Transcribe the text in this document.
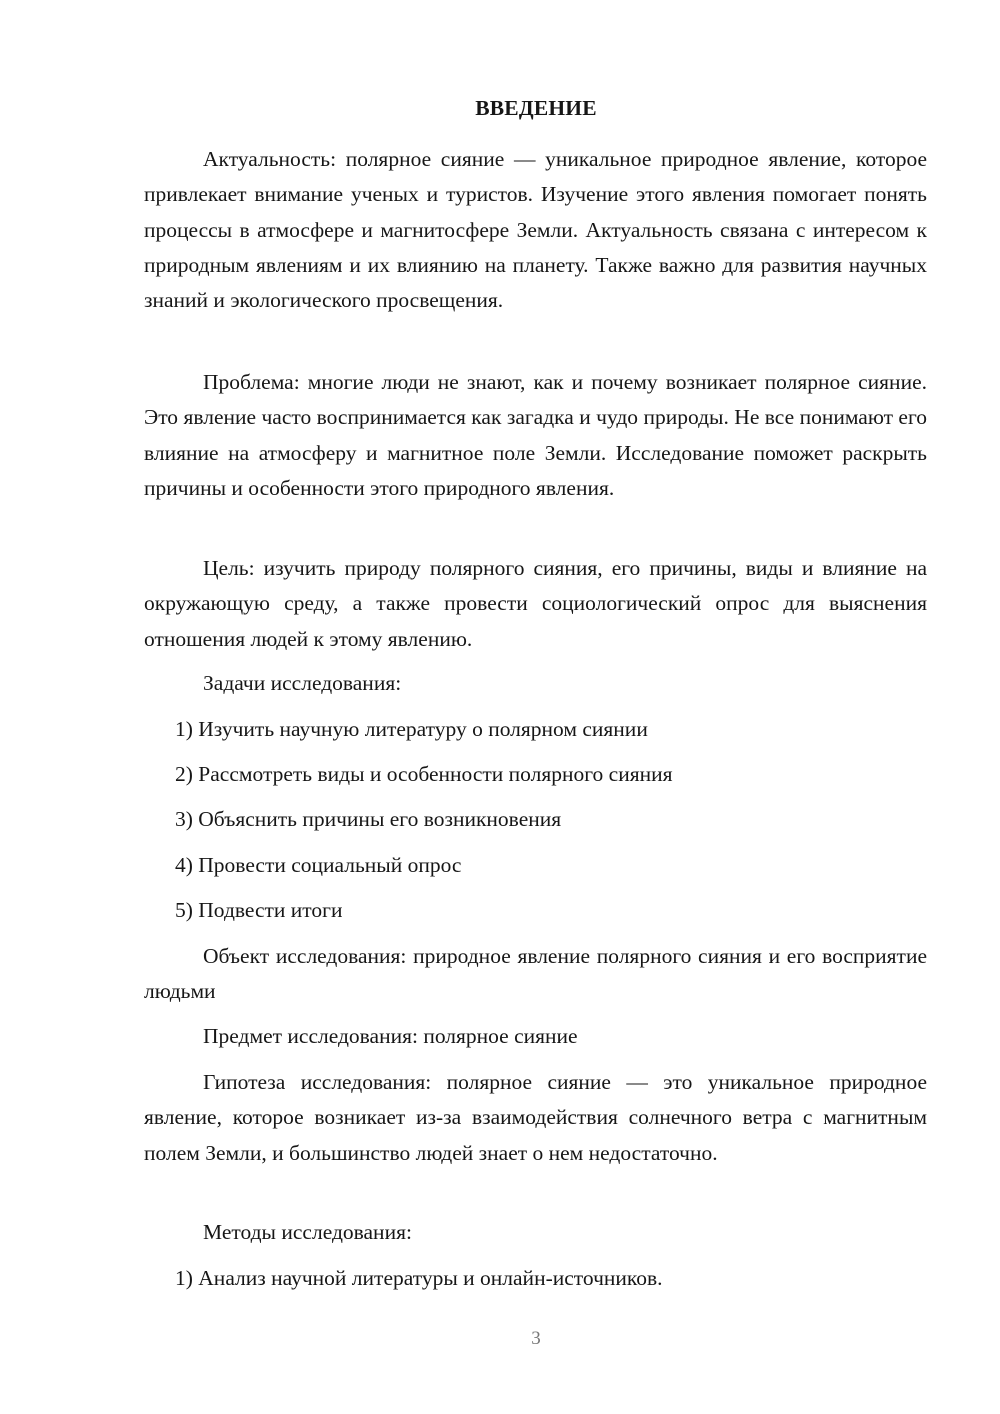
ВВЕДЕНИЕ

Актуальность: полярное сияние — уникальное природное явление, которое привлекает внимание ученых и туристов. Изучение этого явления помогает понять процессы в атмосфере и магнитосфере Земли. Актуальность связана с интересом к природным явлениям и их влиянию на планету. Также важно для развития научных знаний и экологического просвещения.

Проблема: многие люди не знают, как и почему возникает полярное сияние. Это явление часто воспринимается как загадка и чудо природы. Не все понимают его влияние на атмосферу и магнитное поле Земли. Исследование поможет раскрыть причины и особенности этого природного явления.

Цель: изучить природу полярного сияния, его причины, виды и влияние на окружающую среду, а также провести социологический опрос для выяснения отношения людей к этому явлению.

Задачи исследования:

1) Изучить научную литературу о полярном сиянии

2) Рассмотреть виды и особенности полярного сияния

3) Объяснить причины его возникновения

4) Провести социальный опрос

5) Подвести итоги

Объект исследования: природное явление полярного сияния и его восприятие людьми

Предмет исследования: полярное сияние

Гипотеза исследования: полярное сияние — это уникальное природное явление, которое возникает из-за взаимодействия солнечного ветра с магнитным полем Земли, и большинство людей знает о нем недостаточно.

Методы исследования:

1) Анализ научной литературы и онлайн-источников.

3
